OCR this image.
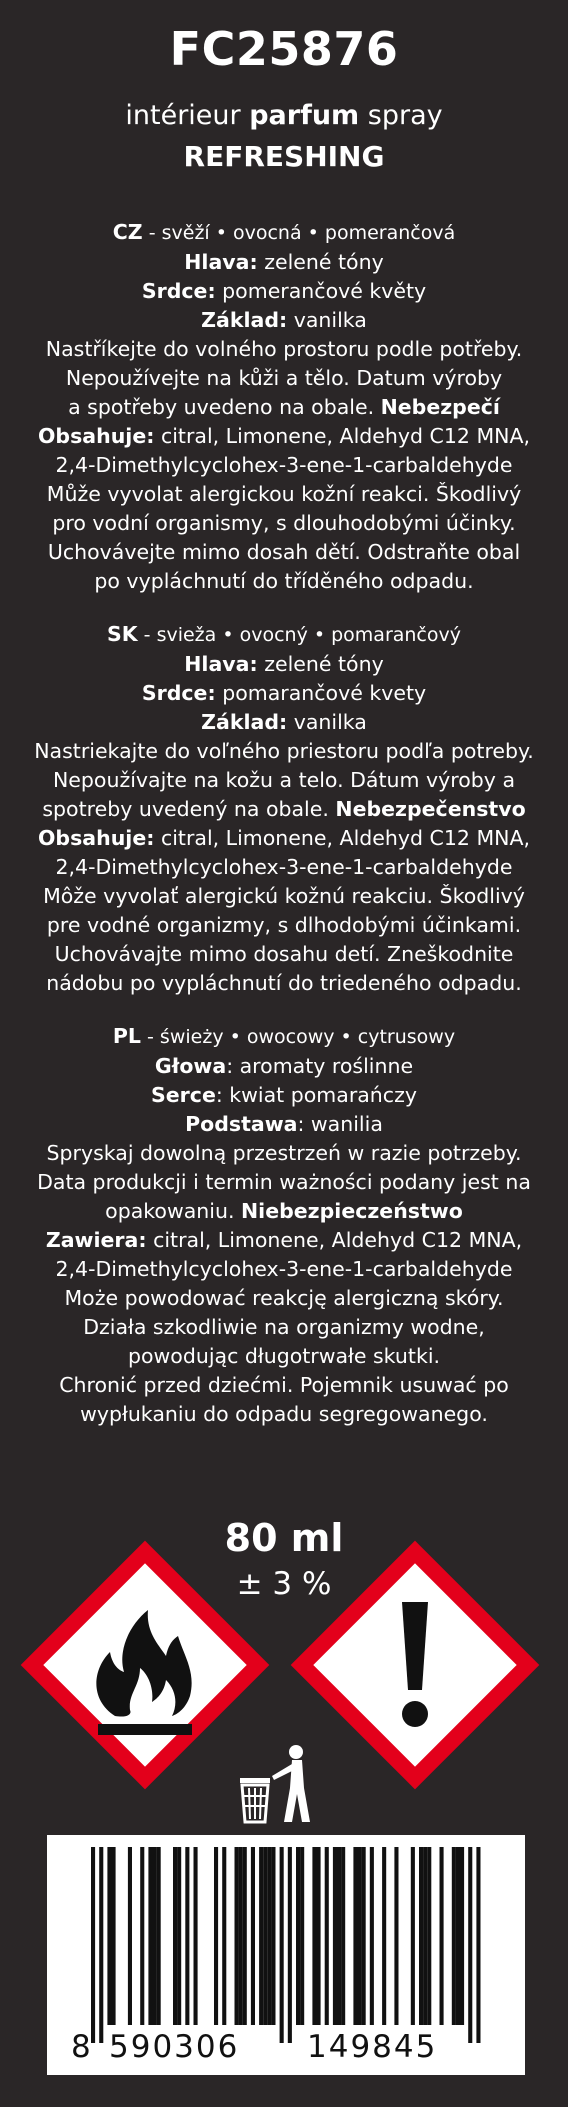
FC25876
intérieur parfum spray
REFRESHING
CZ - svěží • ovocná • pomerančová
Hlava: zelené tóny
Srdce: pomerančové květy
Základ: vanilka
Nastříkejte do volného prostoru podle potřeby.
Nepoužívejte na kůži a tělo. Datum výroby
a spotřeby uvedeno na obale. Nebezpečí
Obsahuje: citral, Limonene, Aldehyd C12 MNA,
2,4-Dimethylcyclohex-3-ene-1-carbaldehyde
Může vyvolat alergickou kožní reakci. Škodlivý
pro vodní organismy, s dlouhodobými účinky.
Uchovávejte mimo dosah dětí. Odstraňte obal
po vypláchnutí do tříděného odpadu.
SK - svieža • ovocný • pomarančový
Hlava: zelené tóny
Srdce: pomarančové kvety
Základ: vanilka
Nastriekajte do voľného priestoru podľa potreby.
Nepoužívajte na kožu a telo. Dátum výroby a
spotreby uvedený na obale. Nebezpečenstvo
Obsahuje: citral, Limonene, Aldehyd C12 MNA,
2,4-Dimethylcyclohex-3-ene-1-carbaldehyde
Môže vyvolať alergickú kožnú reakciu. Škodlivý
pre vodné organizmy, s dlhodobými účinkami.
Uchovávajte mimo dosahu detí. Zneškodnite
nádobu po vypláchnutí do triedeného odpadu.
PL - świeży • owocowy • cytrusowy
Głowa: aromaty roślinne
Serce: kwiat pomarańczy
Podstawa: wanilia
Spryskaj dowolną przestrzeń w razie potrzeby.
Data produkcji i termin ważności podany jest na
opakowaniu. Niebezpieczeństwo
Zawiera: citral, Limonene, Aldehyd C12 MNA,
2,4-Dimethylcyclohex-3-ene-1-carbaldehyde
Może powodować reakcję alergiczną skóry.
Działa szkodliwie na organizmy wodne,
powodując długotrwałe skutki.
Chronić przed dziećmi. Pojemnik usuwać po
wypłukaniu do odpadu segregowanego.
80 ml
± 3 %
8 590306 149845
